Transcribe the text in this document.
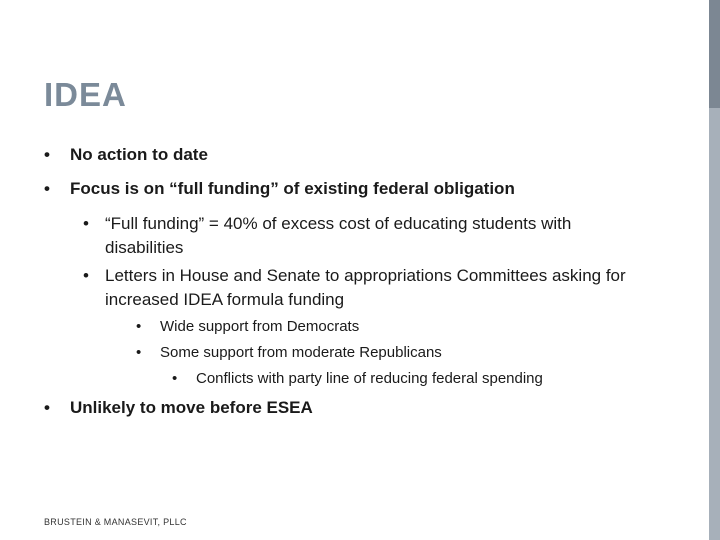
IDEA
•	No action to date
•	Focus is on “full funding” of existing federal obligation
• “Full funding” = 40% of excess cost of educating students with disabilities
• Letters in House and Senate to appropriations Committees asking for increased IDEA formula funding
•	Wide support from Democrats
•	Some support from moderate Republicans
•	Conflicts with party line of reducing federal spending
•	Unlikely to move before ESEA
BRUSTEIN & MANASEVIT, PLLC
